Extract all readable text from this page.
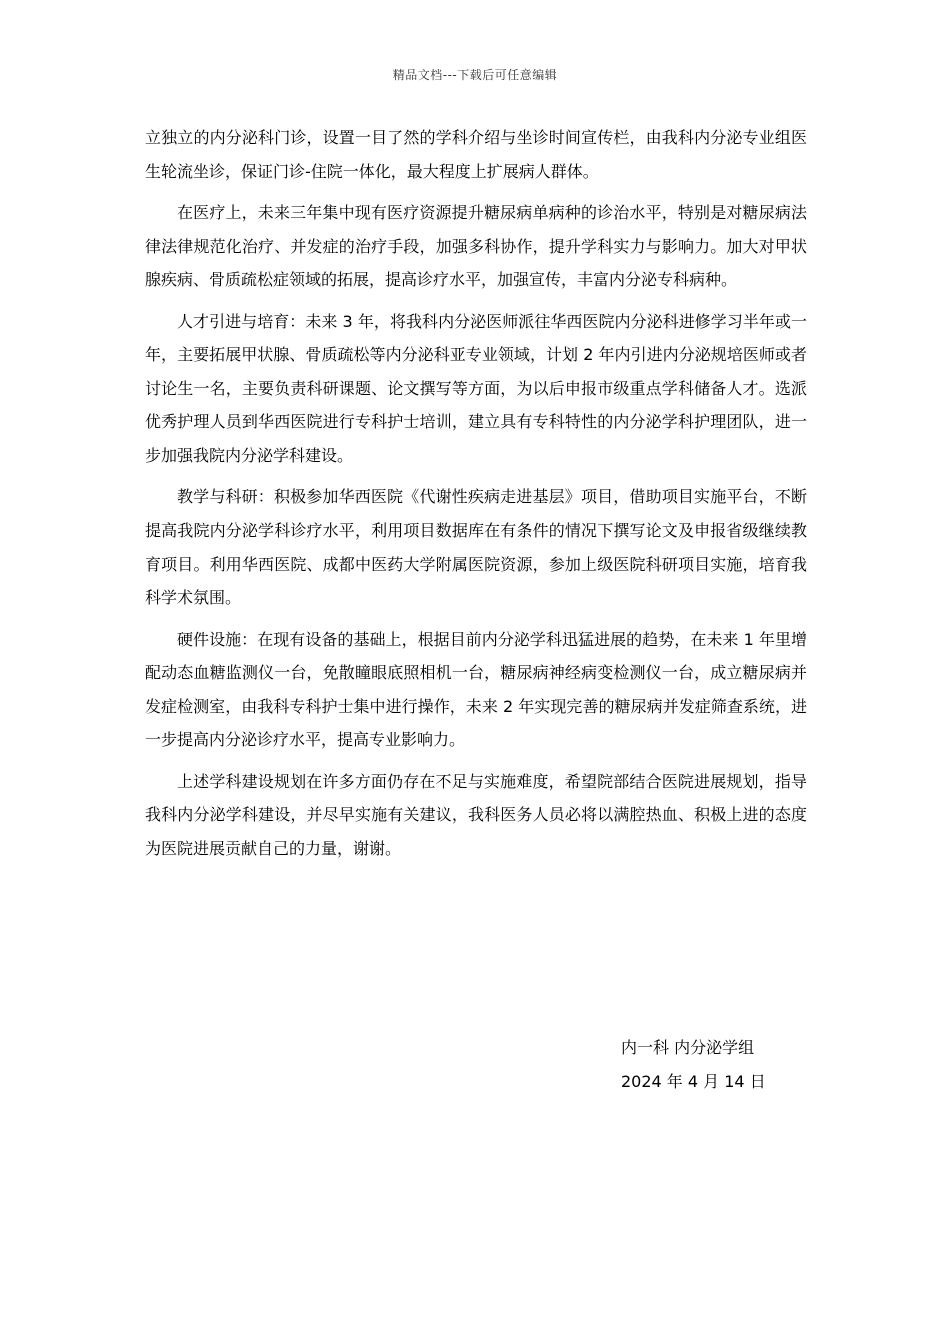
精品文档---下载后可任意编辑

立独立的内分泌科门诊，设置一目了然的学科介绍与坐诊时间宣传栏，由我科内分泌专业组医生轮流坐诊，保证门诊-住院一体化，最大程度上扩展病人群体。

在医疗上，未来三年集中现有医疗资源提升糖尿病单病种的诊治水平，特别是对糖尿病法律法律规范化治疗、并发症的治疗手段，加强多科协作，提升学科实力与影响力。加大对甲状腺疾病、骨质疏松症领域的拓展，提高诊疗水平，加强宣传，丰富内分泌专科病种。

人才引进与培育：未来 3 年，将我科内分泌医师派往华西医院内分泌科进修学习半年或一年，主要拓展甲状腺、骨质疏松等内分泌科亚专业领域，计划 2 年内引进内分泌规培医师或者讨论生一名，主要负责科研课题、论文撰写等方面，为以后申报市级重点学科储备人才。选派优秀护理人员到华西医院进行专科护士培训，建立具有专科特性的内分泌学科护理团队，进一步加强我院内分泌学科建设。

教学与科研：积极参加华西医院《代谢性疾病走进基层》项目，借助项目实施平台，不断提高我院内分泌学科诊疗水平，利用项目数据库在有条件的情况下撰写论文及申报省级继续教育项目。利用华西医院、成都中医药大学附属医院资源，参加上级医院科研项目实施，培育我科学术氛围。

硬件设施：在现有设备的基础上，根据目前内分泌学科迅猛进展的趋势，在未来 1 年里增配动态血糖监测仪一台，免散瞳眼底照相机一台，糖尿病神经病变检测仪一台，成立糖尿病并发症检测室，由我科专科护士集中进行操作，未来 2 年实现完善的糖尿病并发症筛查系统，进一步提高内分泌诊疗水平，提高专业影响力。

上述学科建设规划在许多方面仍存在不足与实施难度，希望院部结合医院进展规划，指导我科内分泌学科建设，并尽早实施有关建议，我科医务人员必将以满腔热血、积极上进的态度为医院进展贡献自己的力量，谢谢。

内一科 内分泌学组
2024 年 4 月 14 日
